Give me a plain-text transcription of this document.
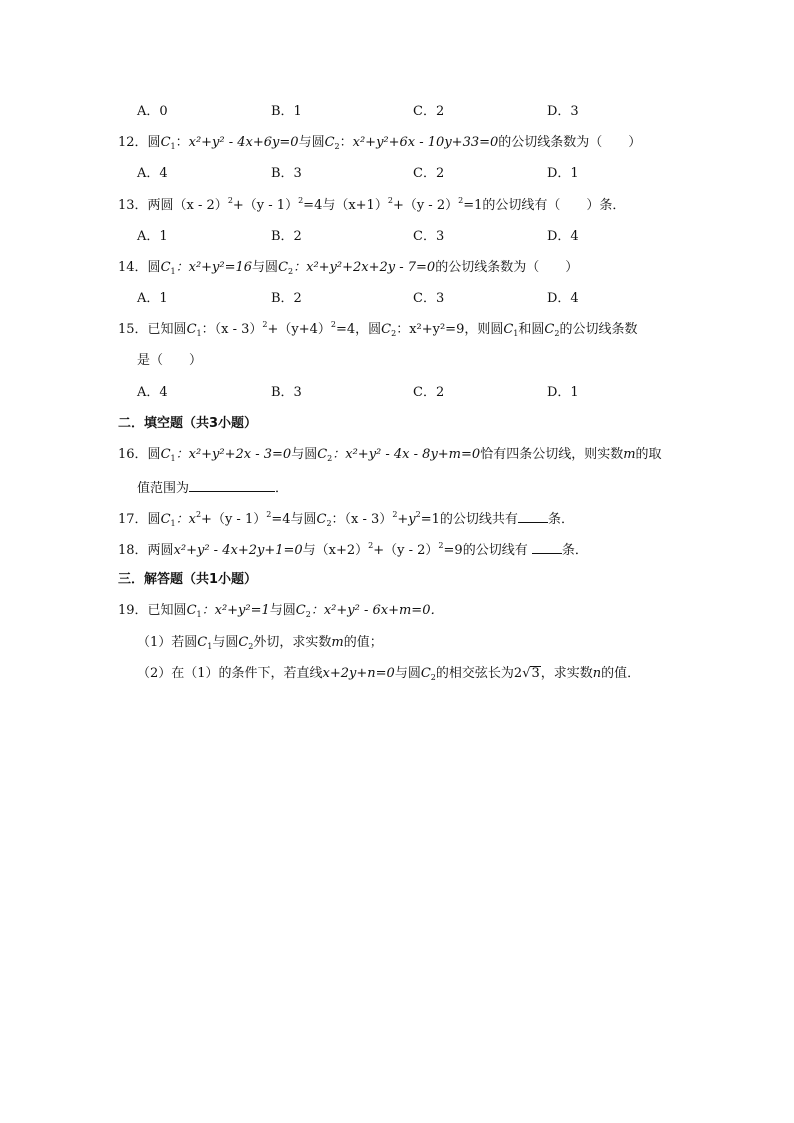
A．0	B．1	C．2	D．3
12．圆$C_1$：x²+y² - 4x+6y=0与圆$C_2$：x²+y²+6x - 10y+33=0的公切线条数为（　　）
A．4	B．3	C．2	D．1
13．两圆（x - 2）$^2$+（y - 1）$^2$=4与$(x+1)^2+(y - 2)^2=1$的公切线有（　　）条．
A．1	B．2	C．3	D．4
14．圆$C_1$：x²+y²=16与圆$C_2$：x²+y²+2x+2y - 7=0的公切线条数为（　　）
A．1	B．2	C．3	D．4
15．已知圆$C_1$：$(x - 3)^2+(y+4)^2=4$，圆$C_2$：x²+y²=9，则圆$C_1$和圆$C_2$的公切线条数
是（　　）
A．4	B．3	C．2	D．1
二．填空题（共3小题）
16．圆$C_1$：x²+y²+2x - 3=0与圆$C_2$：x²+y² - 4x - 8y+m=0恰有四条公切线，则实数m的取
值范围为	．
17．圆$C_1$：$x^2+(y - 1)^2=4$与圆$C_2$：$(x - 3)^2+y^2=1$的公切线共有 条．
18．两圆x²+y² - 4x+2y+1=0与$(x+2)^2+(y - 2)^2=9$的公切线有	条．
三．解答题（共1小题）
19．已知圆$C_1$：x²+y²=1与圆$C_2$：x²+y² - 6x+m=0．
（1）若圆$C_1$与圆$C_2$外切，求实数m的值；
（2）在（1）的条件下，若直线x+2y+n=0与圆$C_2$的相交弦长为2√3，求实数n的值．
